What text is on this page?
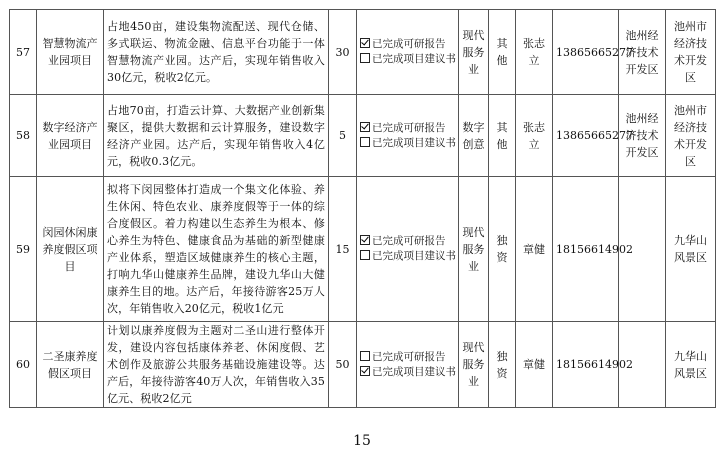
57	智慧物流产业园项目	占地450亩，建设集物流配送、现代仓储、多式联运、物流金融、信息平台功能于一体智慧物流产业园。达产后，实现年销售收入30亿元，税收2亿元。	30	已完成可研报告
已完成项目建议书	现代服务业	其他	张志立	13865665277	池州经济技术开发区	池州市经济技术开发区
58	数字经济产业园项目	占地70亩，打造云计算、大数据产业创新集聚区，提供大数据和云计算服务，建设数字经济产业园。达产后，实现年销售收入4亿元，税收0.3亿元。	5	已完成可研报告
已完成项目建议书	数字创意	其他	张志立	13865665277	池州经济技术开发区	池州市经济技术开发区
59	闵园休闲康养度假区项目	拟将下闵园整体打造成一个集文化体验、养生休闲、特色农业、康养度假等于一体的综合度假区。着力构建以生态养生为根本、修心养生为特色、健康食品为基础的新型健康产业体系，塑造区域健康养生的核心主题，打响九华山健康养生品牌，建设九华山大健康养生目的地。达产后，年接待游客25万人次，年销售收入20亿元，税收1亿元	15	已完成可研报告
已完成项目建议书	现代服务业	独资	章健	18156614902		九华山风景区
60	二圣康养度假区项目	计划以康养度假为主题对二圣山进行整体开发，建设内容包括康体养老、休闲度假、艺术创作及旅游公共服务基础设施建设等。达产后，年接待游客40万人次，年销售收入35亿元、税收2亿元	50	已完成可研报告
已完成项目建议书	现代服务业	独资	章健	18156614902		九华山风景区
15
